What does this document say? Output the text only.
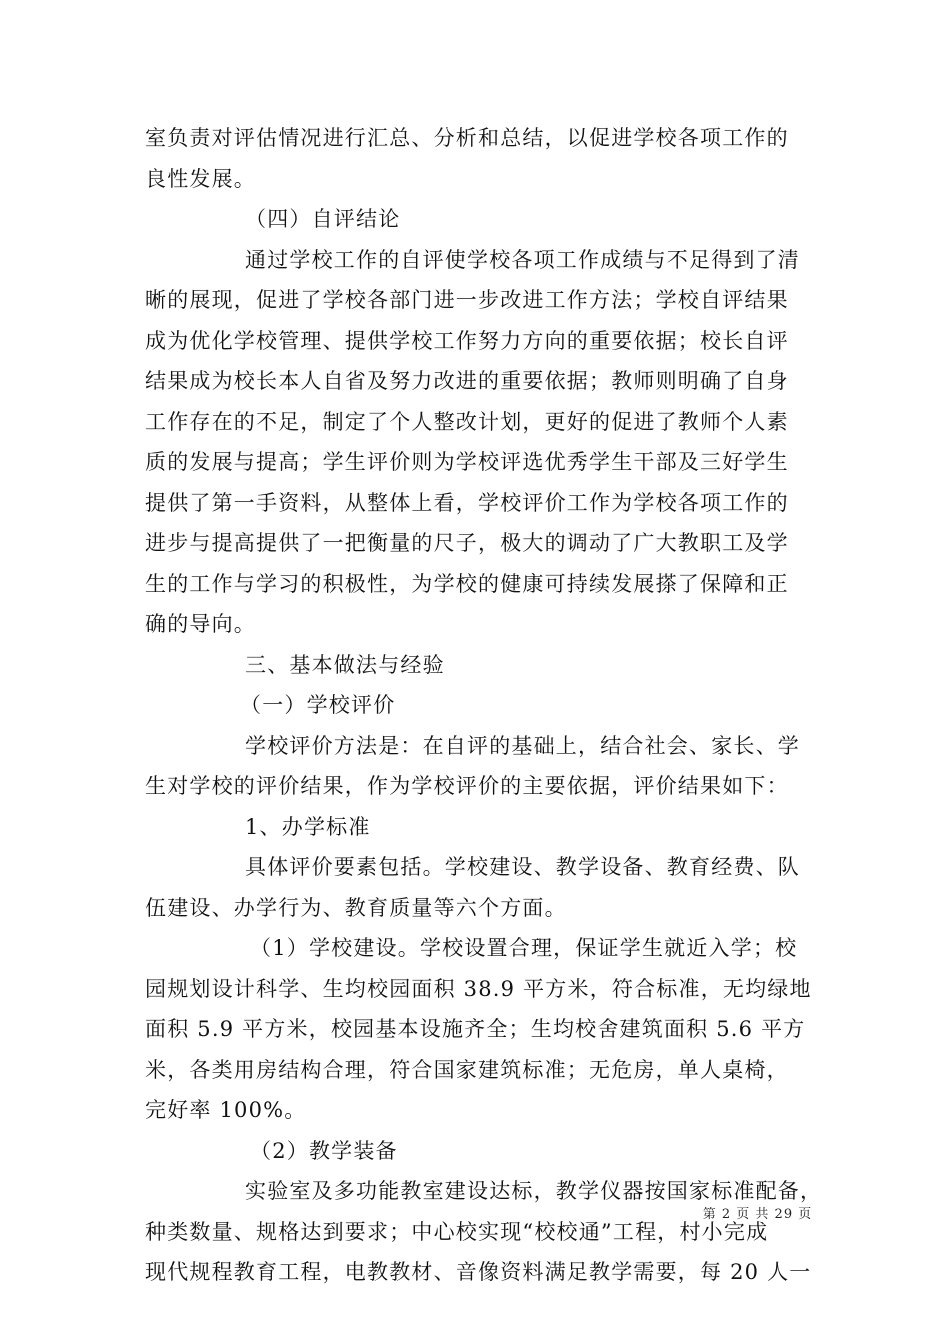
室负责对评估情况进行汇总、分析和总结，以促进学校各项工作的
良性发展。
（四）自评结论
通过学校工作的自评使学校各项工作成绩与不足得到了清
晰的展现，促进了学校各部门进一步改进工作方法；学校自评结果
成为优化学校管理、提供学校工作努力方向的重要依据；校长自评
结果成为校长本人自省及努力改进的重要依据；教师则明确了自身
工作存在的不足，制定了个人整改计划，更好的促进了教师个人素
质的发展与提高；学生评价则为学校评选优秀学生干部及三好学生
提供了第一手资料，从整体上看，学校评价工作为学校各项工作的
进步与提高提供了一把衡量的尺子，极大的调动了广大教职工及学
生的工作与学习的积极性，为学校的健康可持续发展搽了保障和正
确的导向。
三、基本做法与经验
（一）学校评价
学校评价方法是：在自评的基础上，结合社会、家长、学
生对学校的评价结果，作为学校评价的主要依据，评价结果如下：
1、办学标准
具体评价要素包括。学校建设、教学设备、教育经费、队
伍建设、办学行为、教育质量等六个方面。
（1）学校建设。学校设置合理，保证学生就近入学；校
园规划设计科学、生均校园面积 38.9 平方米，符合标准，无均绿地
面积 5.9 平方米，校园基本设施齐全；生均校舍建筑面积 5.6 平方
米，各类用房结构合理，符合国家建筑标准；无危房，单人桌椅，
完好率 100%。
（2）教学装备
实验室及多功能教室建设达标，教学仪器按国家标准配备，
种类数量、规格达到要求；中心校实现“校校通”工程，村小完成
现代规程教育工程，电教教材、音像资料满足教学需要，每 20 人一
第 2 页 共 29 页
